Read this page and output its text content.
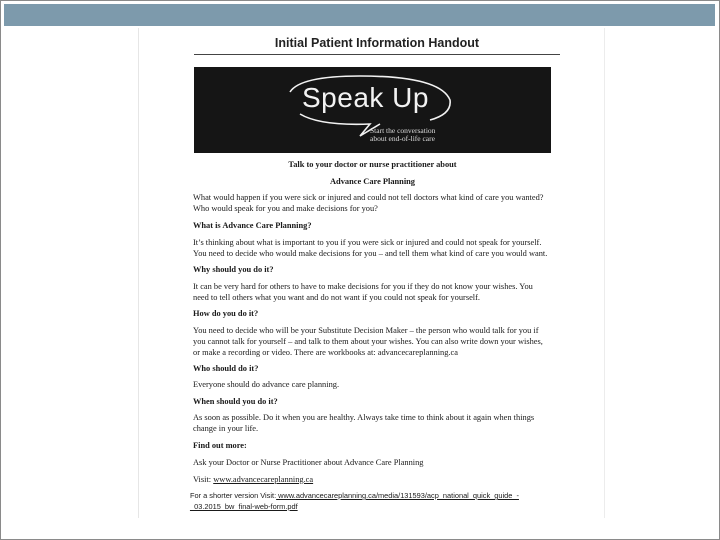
Initial Patient Information Handout
Speak Up
Start the conversation
about end-of-life care
Talk to your doctor or nurse practitioner about
Advance Care Planning
What would happen if you were sick or injured and could not tell doctors what kind of care you wanted?
Who would speak for you and make decisions for you?
What is Advance Care Planning?
It’s thinking about what is important to you if you were sick or injured and could not speak for yourself.
You need to decide who would make decisions for you – and tell them what kind of care you would want.
Why should you do it?
It can be very hard for others to have to make decisions for you if they do not know your wishes. You
need to tell others what you want and do not want if you could not speak for yourself.
How do you do it?
You need to decide who will be your Substitute Decision Maker – the person who would talk for you if
you cannot talk for yourself – and talk to them about your wishes. You can also write down your wishes,
or make a recording or video. There are workbooks at: advancecareplanning.ca
Who should do it?
Everyone should do advance care planning.
When should you do it?
As soon as possible. Do it when you are healthy. Always take time to think about it again when things
change in your life.
Find out more:
Ask your Doctor or Nurse Practitioner about Advance Care Planning
Visit: www.advancecareplanning.ca
For a shorter version Visit: www.advancecareplanning.ca/media/131593/acp_national_quick_guide_-
_03.2015_bw_final-web-form.pdf
